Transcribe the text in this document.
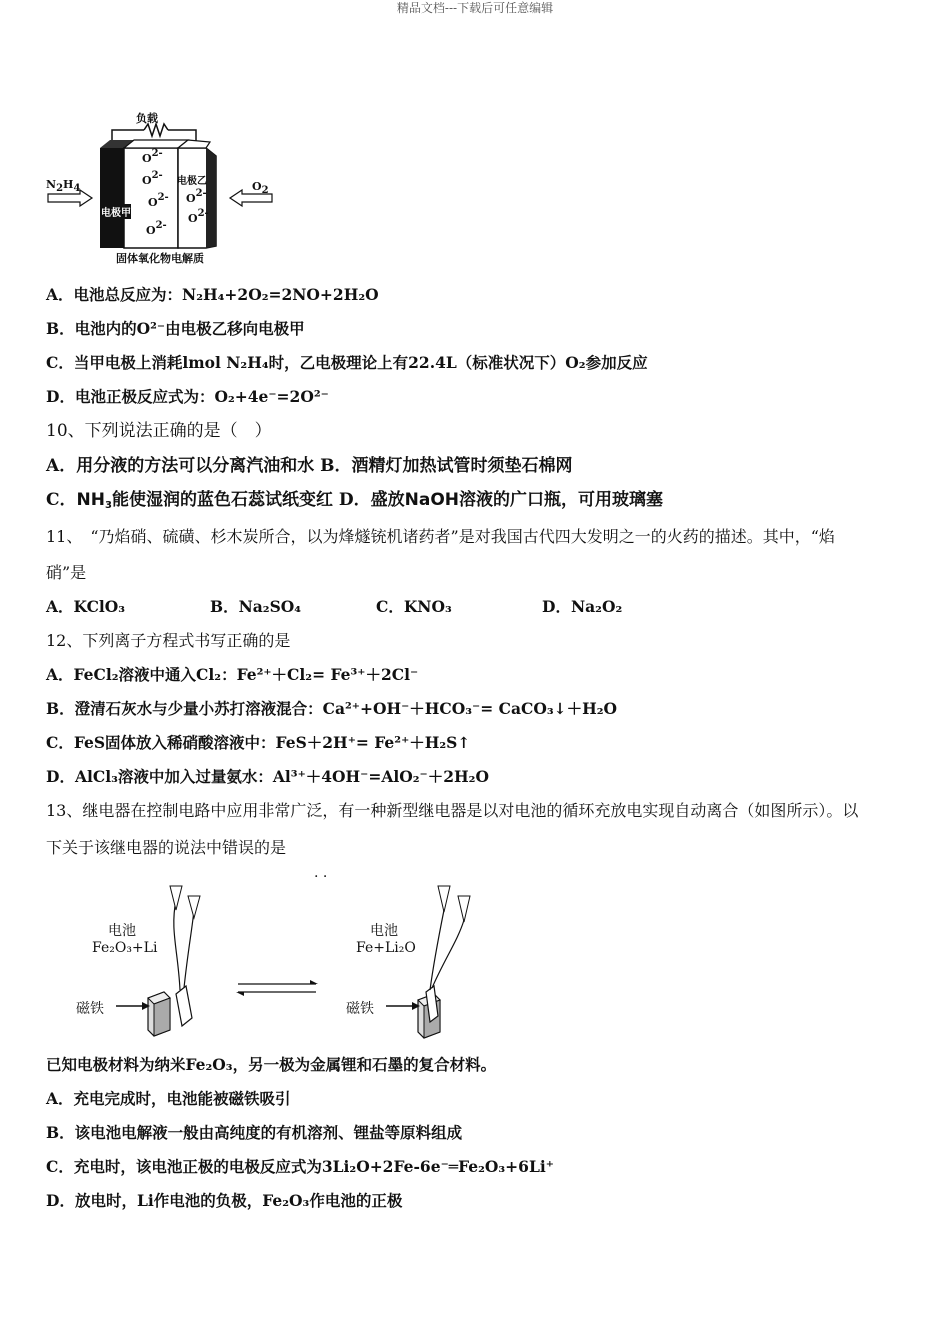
精品文档---下载后可任意编辑
负载
$N_2H_4$	$O_2$
电极甲
电极乙
$O^{2-}$
$O^{2-}$
$O^{2-}$
$O^{2-}$
$O^{2-}$
$O^{2-}$
固体氧化物电解质
A．电池总反应为：N₂H₄+2O₂=2NO+2H₂O
B．电池内的O²⁻由电极乙移向电极甲
C．当甲电极上消耗lmol N₂H₄时，乙电极理论上有22.4L（标准状况下）O₂参加反应
D．电池正极反应式为：O₂+4e⁻=2O²⁻
10、下列说法正确的是（　）
A．用分液的方法可以分离汽油和水 B．酒精灯加热试管时须垫石棉网
C．$NH_3$能使湿润的蓝色石蕊试纸变红 D．盛放NaOH溶液的广口瓶，可用玻璃塞
11、　“乃焰硝、硫磺、杉木炭所合，以为烽燧铳机诸药者”是对我国古代四大发明之一的火药的描述。其中，“焰
硝”是
A．KClO₃	B．Na₂SO₄	C．KNO₃	D．Na₂O₂
12、下列离子方程式书写正确的是
A．FeCl₂溶液中通入Cl₂：Fe²⁺＋Cl₂= Fe³⁺＋2Cl⁻
B．澄清石灰水与少量小苏打溶液混合：Ca²⁺+OH⁻＋HCO₃⁻= CaCO₃↓＋H₂O
C．FeS固体放入稀硝酸溶液中：FeS＋2H⁺= Fe²⁺＋H₂S↑
D．AlCl₃溶液中加入过量氨水：Al³⁺＋4OH⁻=AlO₂⁻＋2H₂O
13、继电器在控制电路中应用非常广泛，有一种新型继电器是以对电池的循环充放电实现自动离合（如图所示）。以
下关于该继电器的说法中错误的是
. .
电池
Fe₂O₃+Li
磁铁
电池
Fe+Li₂O
磁铁
已知电极材料为纳米Fe₂O₃，另一极为金属锂和石墨的复合材料。
A．充电完成时，电池能被磁铁吸引
B．该电池电解液一般由高纯度的有机溶剂、锂盐等原料组成
C．充电时，该电池正极的电极反应式为3Li₂O+2Fe-6e⁻═Fe₂O₃+6Li⁺
D．放电时，Li作电池的负极，Fe₂O₃作电池的正极
